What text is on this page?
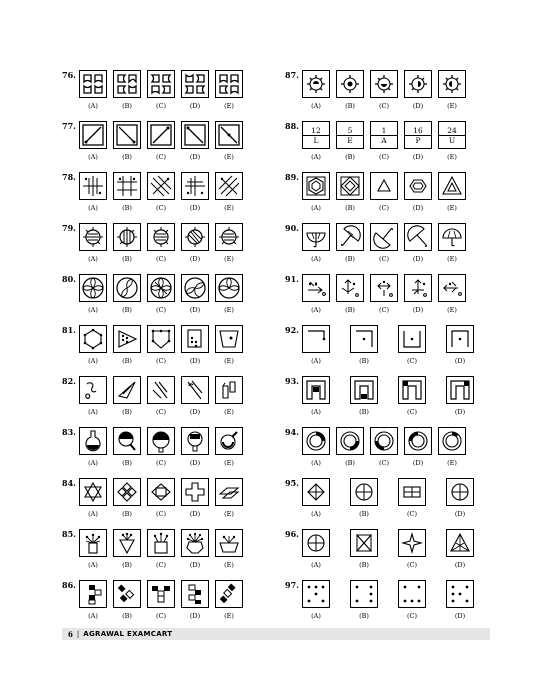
76.
(A)	(B)	(C)	(D)	(E)
77.
(A)	(B)	(C)	(D)	(E)
78.
(A)	(B)	(C)	(D)	(E)
79.
(A)	(B)	(C)	(D)	(E)
80.
(A)	(B)	(C)	(D)	(E)
81.
(A)	(B)	(C)	(D)	(E)
82.
(A)	(B)	(C)	(D)	(E)
83.
(A)	(B)	(C)	(D)	(E)
84.
(A)	(B)	(C)	(D)	(E)
85.
(A)	(B)	(C)	(D)	(E)
86.
(A)	(B)	(C)	(D)	(E)
87.
(A)	(B)	(C)	(D)	(E)
88. 12
L
(A)
5
E
(B)
1
A
(C)
16
P
(D)
24
U
(E)
89.
(A)	(B)	(C)	(D)	(E)
90.
(A)	(B)	(C)	(D)	(E)
91.
(A)	(B)	(C)	(D)	(E)
92.
(A)	(B)	(C)	(D)
93.
(A)	(B)	(C)	(D)
94.
(A)	(B)	(C)	(D)	(E)
95.
(A)	(B)	(C)	(D)
96.
(A)	(B)	(C)	(D)
97.
(A)	(B)	(C)	(D)
6 | AGRAWAL EXAMCART
